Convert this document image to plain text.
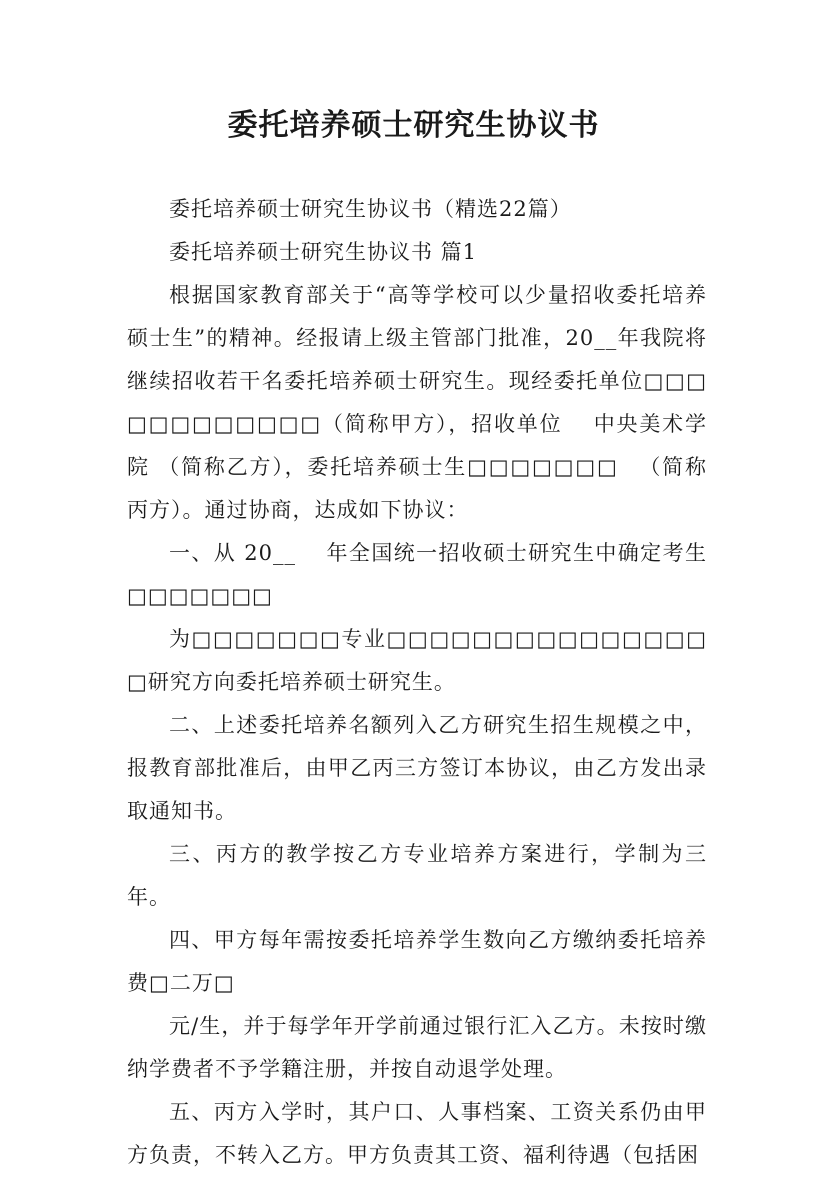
委托培养硕士研究生协议书

委托培养硕士研究生协议书（精选22篇）

委托培养硕士研究生协议书 篇1

根据国家教育部关于“高等学校可以少量招收委托培养硕士生”的精神。经报请上级主管部门批准，20__年我院将继续招收若干名委托培养硕士研究生。现经委托单位□□□□□□□□□□□□（简称甲方），招收单位　 中央美术学院 （简称乙方），委托培养硕士生□□□□□□□ 　（简称丙方）。通过协商，达成如下协议：

一、从 20__ 　年全国统一招收硕士研究生中确定考生□□□□□□□

为□□□□□□□专业□□□□□□□□□□□□□□□□研究方向委托培养硕士研究生。

二、上述委托培养名额列入乙方研究生招生规模之中，报教育部批准后，由甲乙丙三方签订本协议，由乙方发出录取通知书。

三、丙方的教学按乙方专业培养方案进行，学制为三年。

四、甲方每年需按委托培养学生数向乙方缴纳委托培养费□二万□

元/生，并于每学年开学前通过银行汇入乙方。未按时缴纳学费者不予学籍注册，并按自动退学处理。

五、丙方入学时，其户口、人事档案、工资关系仍由甲方负责，不转入乙方。甲方负责其工资、福利待遇（包括困
